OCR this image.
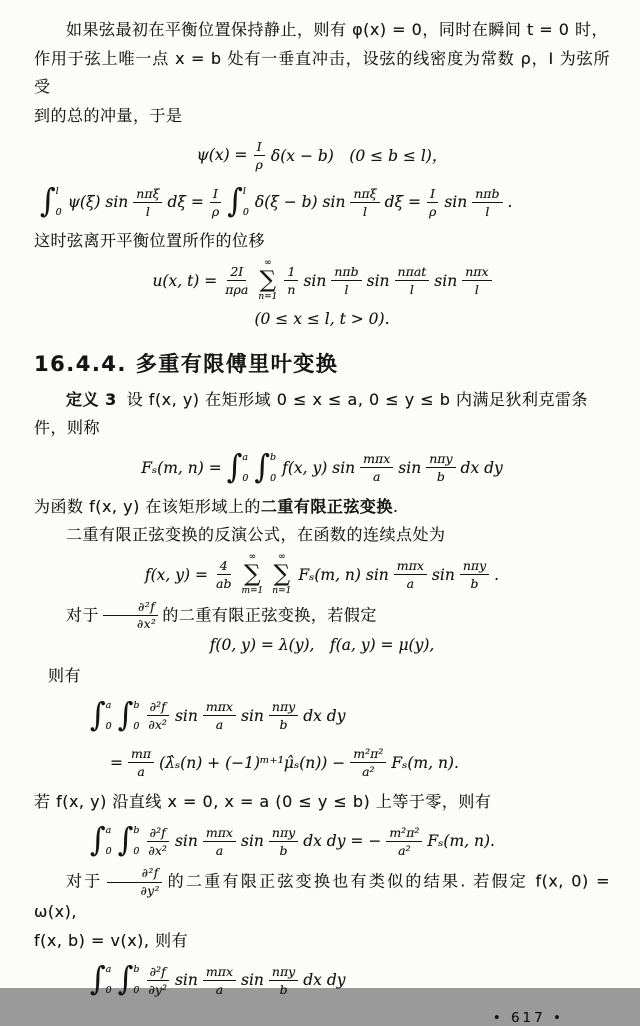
如果弦最初在平衡位置保持静止，则有 φ(x) = 0，同时在瞬间 t = 0 时，
作用于弦上唯一点 x = b 处有一垂直冲击，设弦的线密度为常数 ρ，I 为弦所受
到的总的冲量，于是

$\psi(x) = \frac{I}{\rho} \delta(x - b)$　(0 ≤ b ≤ l)，
∫ l
0
ψ(ξ) $\sin \frac{\text{nπξ}}{l}$ $d\xi = \frac{I}{\rho}$ ∫ l
0
δ(ξ − b) $\sin \frac{\text{nπξ}}{l}$ $d\xi = \frac{I}{\rho}$ $\sin \frac{\text{nπb}}{l}$ .

这时弦离开平衡位置所作的位移

u(x, $t) = \frac{2I}{\text{πρa}}$
∞
∑
$n=1 \frac{1}{n}$ $\sin \frac{\text{nπb}}{l}$ $\sin \frac{\text{nπat}}{l}$ $\sin \frac{\text{nπx}}{l}$
(0 ≤ x ≤ l, t > 0).
16.4.4. 多重有限傅里叶变换

定义 3 设 f(x, y) 在矩形域 0 ≤ x ≤ a, 0 ≤ y ≤ b 内满足狄利克雷条
件，则称

Fₛ(m, n) = ∫ a
0 ∫ b
0
f(x, y) $\sin \frac{\text{mπx}}{a}$ $\sin \frac{\text{nπy}}{b}$ dx dy

为函数 f(x, y) 在该矩形域上的二重有限正弦变换.

二重有限正弦变换的反演公式，在函数的连续点处为

f(x, $y) = \frac{4}{ab}$
∞
∑
m=1
∞
∑
n=1
Fₛ(m, n) $\sin \frac{\text{mπx}}{a}$ $\sin \frac{\text{nπy}}{b}$ .

对于 $\frac{\text{∂²f}}{\text{∂x²}}$ 的二重有限正弦变换，若假定

f(0, y) = λ(y),　f(a, y) = μ(y),

则有

∫ a
0 ∫ b
$0 \frac{\text{∂²f}}{\text{∂x²}}$ $\sin \frac{\text{mπx}}{a}$ $\sin \frac{\text{nπy}}{b}$ dx dy
= $\frac{m\pi}{a}$ (λ̂ₛ(n) + (−1)ᵐ⁺¹μ̂ₛ(n)) − $\frac{\text{m²π²}}{\text{a²}} F_s(m$, n).

若 f(x, y) 沿直线 x = 0, x = a (0 ≤ y ≤ b) 上等于零，则有

∫ a
0 ∫ b
$0 \frac{\text{∂²f}}{\text{∂x²}}$ $\sin \frac{\text{mπx}}{a}$ $\sin \frac{\text{nπy}}{b}$ dx dy = − $\frac{\text{m²π²}}{\text{a²}} F_s(m$, n).

对于 $\frac{\text{∂²f}}{\text{∂y²}}$ 的二重有限正弦变换也有类似的结果. 若假定 f(x, 0) = ω(x),
f(x, b) = v(x), 则有

∫ a
0 ∫ b
$0 \frac{\text{∂²f}}{\text{∂y²}}$ $\sin \frac{\text{mπx}}{a}$ $\sin \frac{\text{nπy}}{b}$ dx dy
• 617 •
